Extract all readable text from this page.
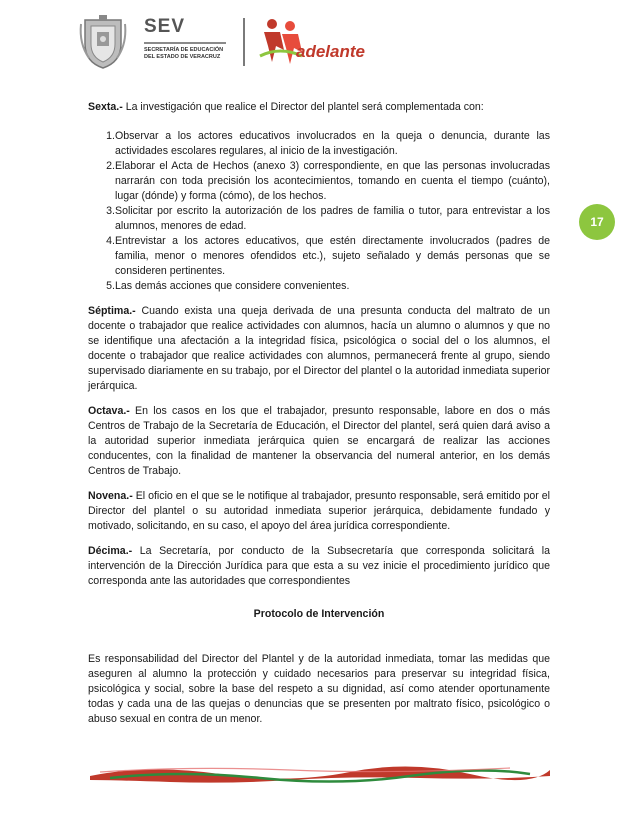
SEV
SECRETARÍA DE EDUCACIÓN
DEL ESTADO DE VERACRUZ	adelante
17

Sexta.- La investigación que realice el Director del plantel será complementada con:

1. Observar a los actores educativos involucrados en la queja o denuncia, durante las actividades escolares regulares, al inicio de la investigación.
2. Elaborar el Acta de Hechos (anexo 3) correspondiente, en que las personas involucradas narrarán con toda precisión los acontecimientos, tomando en cuenta el tiempo (cuánto), lugar (dónde) y forma (cómo), de los hechos.
3. Solicitar por escrito la autorización de los padres de familia o tutor, para entrevistar a los alumnos, menores de edad.
4. Entrevistar a los actores educativos, que estén directamente involucrados (padres de familia, menor o menores ofendidos etc.), sujeto señalado y demás personas que se consideren pertinentes.
5. Las demás acciones que considere convenientes.

Séptima.- Cuando exista una queja derivada de una presunta conducta del maltrato de un docente o trabajador que realice actividades con alumnos, hacía un alumno o alumnos y que no se identifique una afectación a la integridad física, psicológica o social del o los alumnos, el docente o trabajador que realice actividades con alumnos, permanecerá frente al grupo, siendo supervisado diariamente en su trabajo, por el Director del plantel o la autoridad inmediata superior jerárquica.

Octava.- En los casos en los que el trabajador, presunto responsable, labore en dos o más Centros de Trabajo de la Secretaría de Educación, el Director del plantel, será quien dará aviso a la autoridad superior inmediata jerárquica quien se encargará de realizar las acciones conducentes, con la finalidad de mantener la observancia del numeral anterior, en los demás Centros de Trabajo.

Novena.- El oficio en el que se le notifique al trabajador, presunto responsable, será emitido por el Director del plantel o su autoridad inmediata superior jerárquica, debidamente fundado y motivado, solicitando, en su caso, el apoyo del área jurídica correspondiente.

Décima.- La Secretaría, por conducto de la Subsecretaría que corresponda solicitará la intervención de la Dirección Jurídica para que esta a su vez inicie el procedimiento jurídico que corresponda ante las autoridades que correspondientes

Protocolo de Intervención

Es responsabilidad del Director del Plantel y de la autoridad inmediata, tomar las medidas que aseguren al alumno la protección y cuidado necesarios para preservar su integridad física, psicológica y social, sobre la base del respeto a su dignidad, así como atender oportunamente todas y cada una de las quejas o denuncias que se presenten por maltrato físico, psicológico o abuso sexual en contra de un menor.
